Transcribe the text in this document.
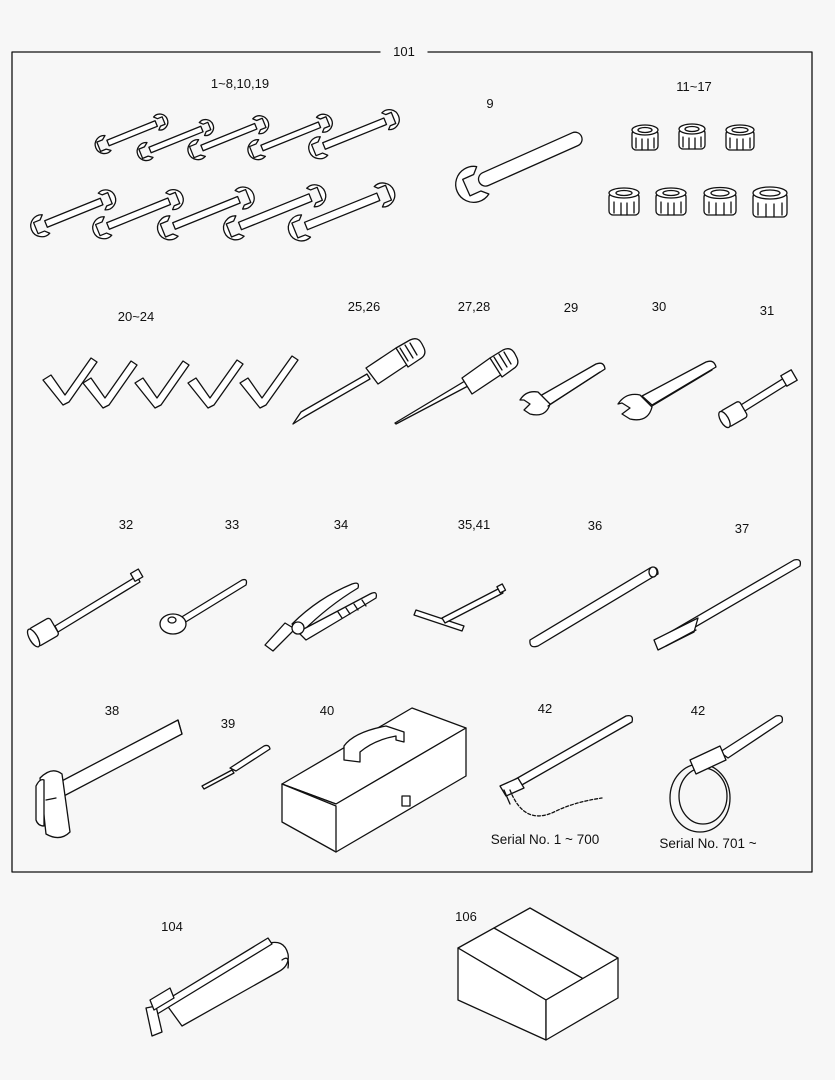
101
1~8,10,19
9
11~17
20~24
25,26	27,28	29	30	31
32	33	34	35,41	36	37
38
39
40	42	42
Serial No. 1 ~ 700	Serial No. 701 ~
104
106
